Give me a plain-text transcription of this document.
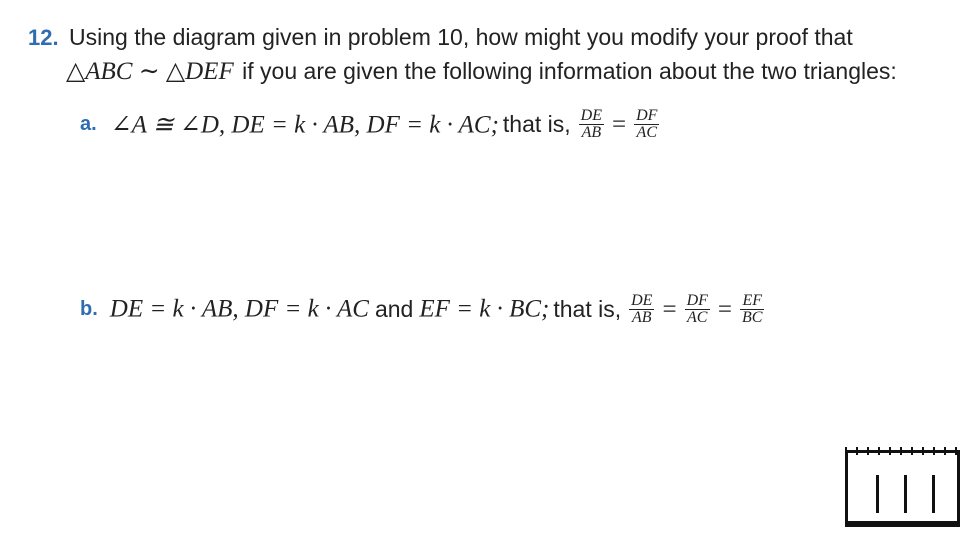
12. Using the diagram given in problem 10, how might you modify your proof that
△ABC ∼ △DEF if you are given the following information about the two triangles:
a. ∠A ≅ ∠D, DE = k · AB, DF = k · AC; that is, $\frac{DE}{AB} = \frac{DF}{AC}$
b. DE = k · AB, DF = k · AC and EF = k · BC; that is, $\frac{DE}{AB} = \frac{DF}{AC} = \frac{EF}{BC}$
